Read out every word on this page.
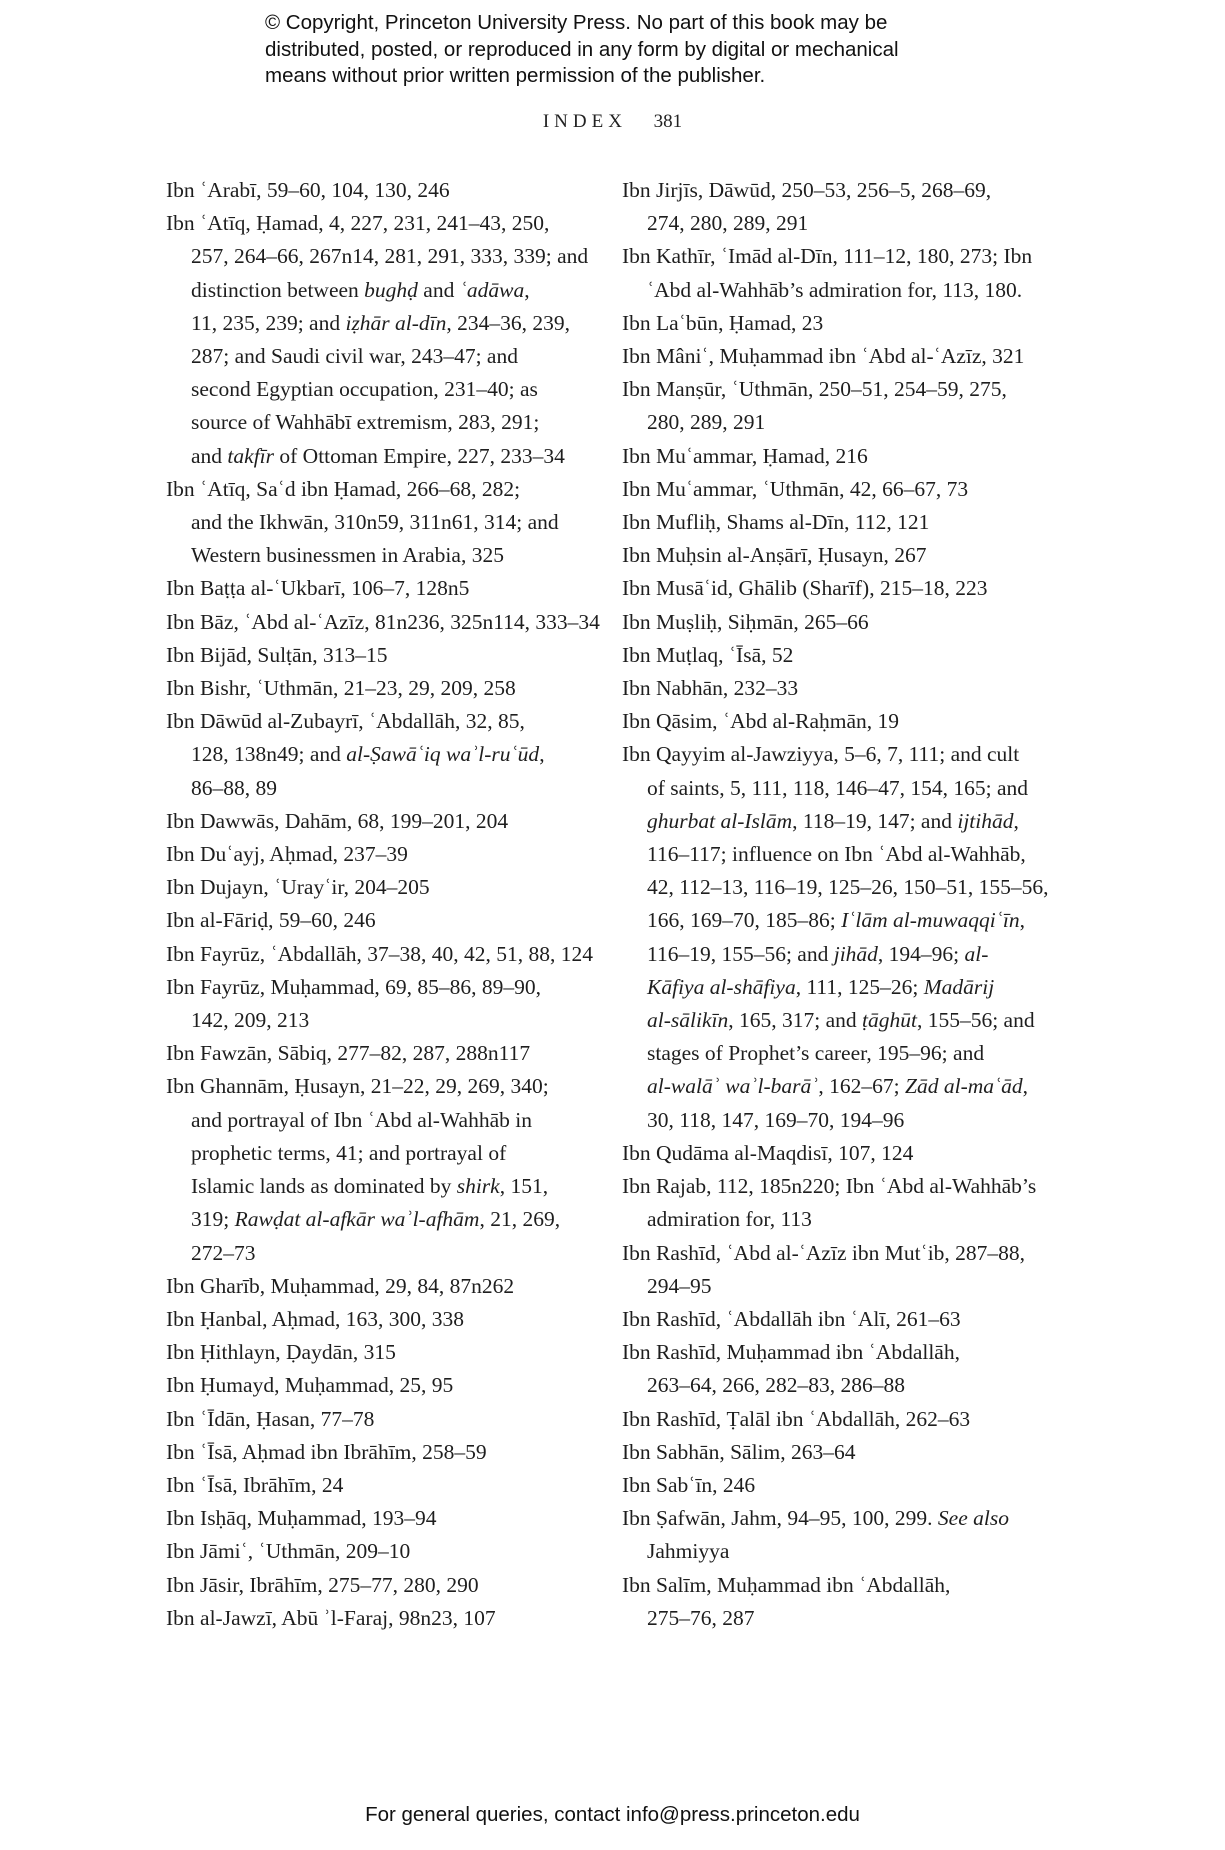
© Copyright, Princeton University Press. No part of this book may be
distributed, posted, or reproduced in any form by digital or mechanical
means without prior written permission of the publisher.
INDEX 381
Ibn ʿArabī, 59–60, 104, 130, 246
Ibn ʿAtīq, Ḥamad, 4, 227, 231, 241–43, 250,
257, 264–66, 267n14, 281, 291, 333, 339; and
distinction between bughḍ and ʿadāwa,
11, 235, 239; and iẓhār al-dīn, 234–36, 239,
287; and Saudi civil war, 243–47; and
second Egyptian occupation, 231–40; as
source of Wahhābī extremism, 283, 291;
and takfīr of Ottoman Empire, 227, 233–34
Ibn ʿAtīq, Saʿd ibn Ḥamad, 266–68, 282;
and the Ikhwān, 310n59, 311n61, 314; and
Western businessmen in Arabia, 325
Ibn Baṭṭa al-ʿUkbarī, 106–7, 128n5
Ibn Bāz, ʿAbd al-ʿAzīz, 81n236, 325n114, 333–34
Ibn Bijād, Sulṭān, 313–15
Ibn Bishr, ʿUthmān, 21–23, 29, 209, 258
Ibn Dāwūd al-Zubayrī, ʿAbdallāh, 32, 85,
128, 138n49; and al-Ṣawāʿiq waʾl-ruʿūd,
86–88, 89
Ibn Dawwās, Dahām, 68, 199–201, 204
Ibn Duʿayj, Aḥmad, 237–39
Ibn Dujayn, ʿUrayʿir, 204–205
Ibn al-Fāriḍ, 59–60, 246
Ibn Fayrūz, ʿAbdallāh, 37–38, 40, 42, 51, 88, 124
Ibn Fayrūz, Muḥammad, 69, 85–86, 89–90,
142, 209, 213
Ibn Fawzān, Sābiq, 277–82, 287, 288n117
Ibn Ghannām, Ḥusayn, 21–22, 29, 269, 340;
and portrayal of Ibn ʿAbd al-Wahhāb in
prophetic terms, 41; and portrayal of
Islamic lands as dominated by shirk, 151,
319; Rawḍat al-afkār waʾl-afhām, 21, 269,
272–73
Ibn Gharīb, Muḥammad, 29, 84, 87n262
Ibn Ḥanbal, Aḥmad, 163, 300, 338
Ibn Ḥithlayn, Ḍaydān, 315
Ibn Ḥumayd, Muḥammad, 25, 95
Ibn ʿĪdān, Ḥasan, 77–78
Ibn ʿĪsā, Aḥmad ibn Ibrāhīm, 258–59
Ibn ʿĪsā, Ibrāhīm, 24
Ibn Isḥāq, Muḥammad, 193–94
Ibn Jāmiʿ, ʿUthmān, 209–10
Ibn Jāsir, Ibrāhīm, 275–77, 280, 290
Ibn al-Jawzī, Abū ʾl-Faraj, 98n23, 107
Ibn Jirjīs, Dāwūd, 250–53, 256–5, 268–69,
274, 280, 289, 291
Ibn Kathīr, ʿImād al-Dīn, 111–12, 180, 273; Ibn
ʿAbd al-Wahhāb’s admiration for, 113, 180.
Ibn Laʿbūn, Ḥamad, 23
Ibn Mâniʿ, Muḥammad ibn ʿAbd al-ʿAzīz, 321
Ibn Manṣūr, ʿUthmān, 250–51, 254–59, 275,
280, 289, 291
Ibn Muʿammar, Ḥamad, 216
Ibn Muʿammar, ʿUthmān, 42, 66–67, 73
Ibn Mufliḥ, Shams al-Dīn, 112, 121
Ibn Muḥsin al-Anṣārī, Ḥusayn, 267
Ibn Musāʿid, Ghālib (Sharīf), 215–18, 223
Ibn Muṣliḥ, Siḥmān, 265–66
Ibn Muṭlaq, ʿĪsā, 52
Ibn Nabhān, 232–33
Ibn Qāsim, ʿAbd al-Raḥmān, 19
Ibn Qayyim al-Jawziyya, 5–6, 7, 111; and cult
of saints, 5, 111, 118, 146–47, 154, 165; and
ghurbat al-Islām, 118–19, 147; and ijtihād,
116–117; influence on Ibn ʿAbd al-Wahhāb,
42, 112–13, 116–19, 125–26, 150–51, 155–56,
166, 169–70, 185–86; Iʿlām al-muwaqqiʿīn,
116–19, 155–56; and jihād, 194–96; al-
Kāfiya al-shāfiya, 111, 125–26; Madārij
al-sālikīn, 165, 317; and ṭāghūt, 155–56; and
stages of Prophet’s career, 195–96; and
al-walāʾ waʾl-barāʾ, 162–67; Zād al-maʿād,
30, 118, 147, 169–70, 194–96
Ibn Qudāma al-Maqdisī, 107, 124
Ibn Rajab, 112, 185n220; Ibn ʿAbd al-Wahhāb’s
admiration for, 113
Ibn Rashīd, ʿAbd al-ʿAzīz ibn Mutʿib, 287–88,
294–95
Ibn Rashīd, ʿAbdallāh ibn ʿAlī, 261–63
Ibn Rashīd, Muḥammad ibn ʿAbdallāh,
263–64, 266, 282–83, 286–88
Ibn Rashīd, Ṭalāl ibn ʿAbdallāh, 262–63
Ibn Sabhān, Sālim, 263–64
Ibn Sabʿīn, 246
Ibn Ṣafwān, Jahm, 94–95, 100, 299. See also
Jahmiyya
Ibn Salīm, Muḥammad ibn ʿAbdallāh,
275–76, 287
For general queries, contact info@press.princeton.edu
